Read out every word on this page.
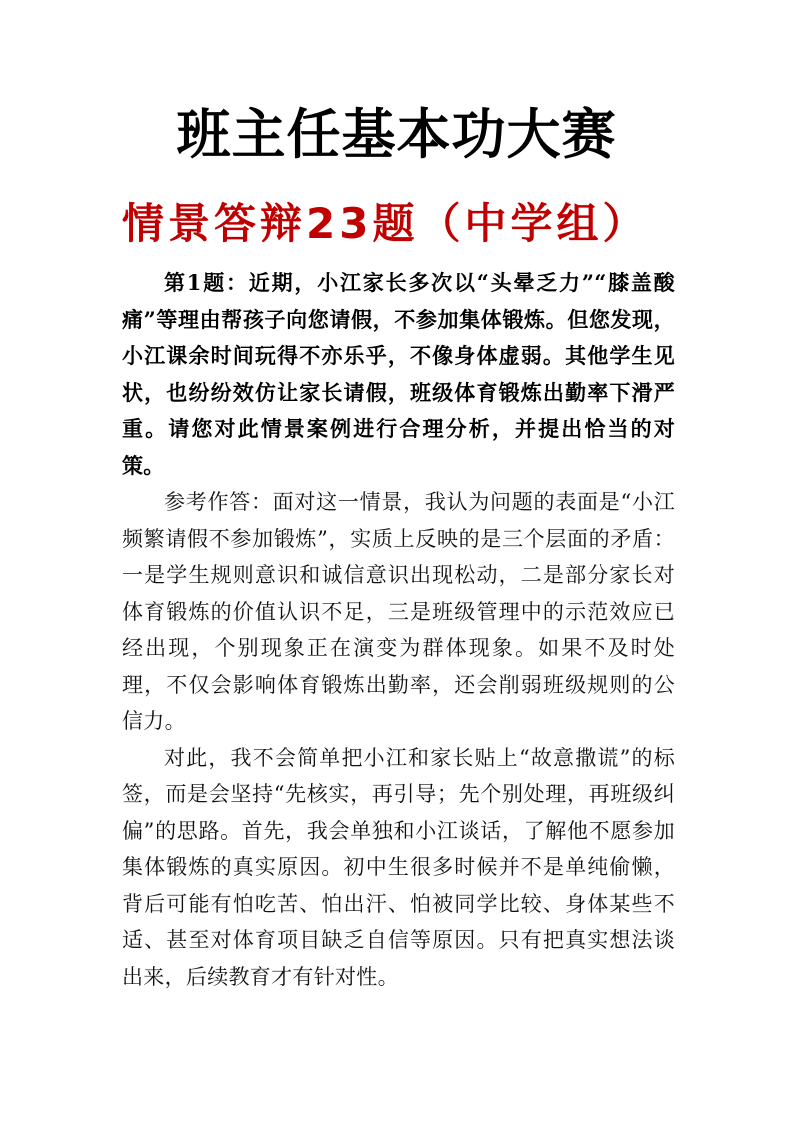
班主任基本功大赛
情景答辩23题（中学组）

第1题：近期，小江家长多次以“头晕乏力”“膝盖酸痛”等理由帮孩子向您请假，不参加集体锻炼。但您发现，小江课余时间玩得不亦乐乎，不像身体虚弱。其他学生见状，也纷纷效仿让家长请假，班级体育锻炼出勤率下滑严重。请您对此情景案例进行合理分析，并提出恰当的对策。

参考作答：面对这一情景，我认为问题的表面是“小江频繁请假不参加锻炼”，实质上反映的是三个层面的矛盾：一是学生规则意识和诚信意识出现松动，二是部分家长对体育锻炼的价值认识不足，三是班级管理中的示范效应已经出现，个别现象正在演变为群体现象。如果不及时处理，不仅会影响体育锻炼出勤率，还会削弱班级规则的公信力。

对此，我不会简单把小江和家长贴上“故意撒谎”的标签，而是会坚持“先核实，再引导；先个别处理，再班级纠偏”的思路。首先，我会单独和小江谈话，了解他不愿参加集体锻炼的真实原因。初中生很多时候并不是单纯偷懒，背后可能有怕吃苦、怕出汗、怕被同学比较、身体某些不适、甚至对体育项目缺乏自信等原因。只有把真实想法谈出来，后续教育才有针对性。
